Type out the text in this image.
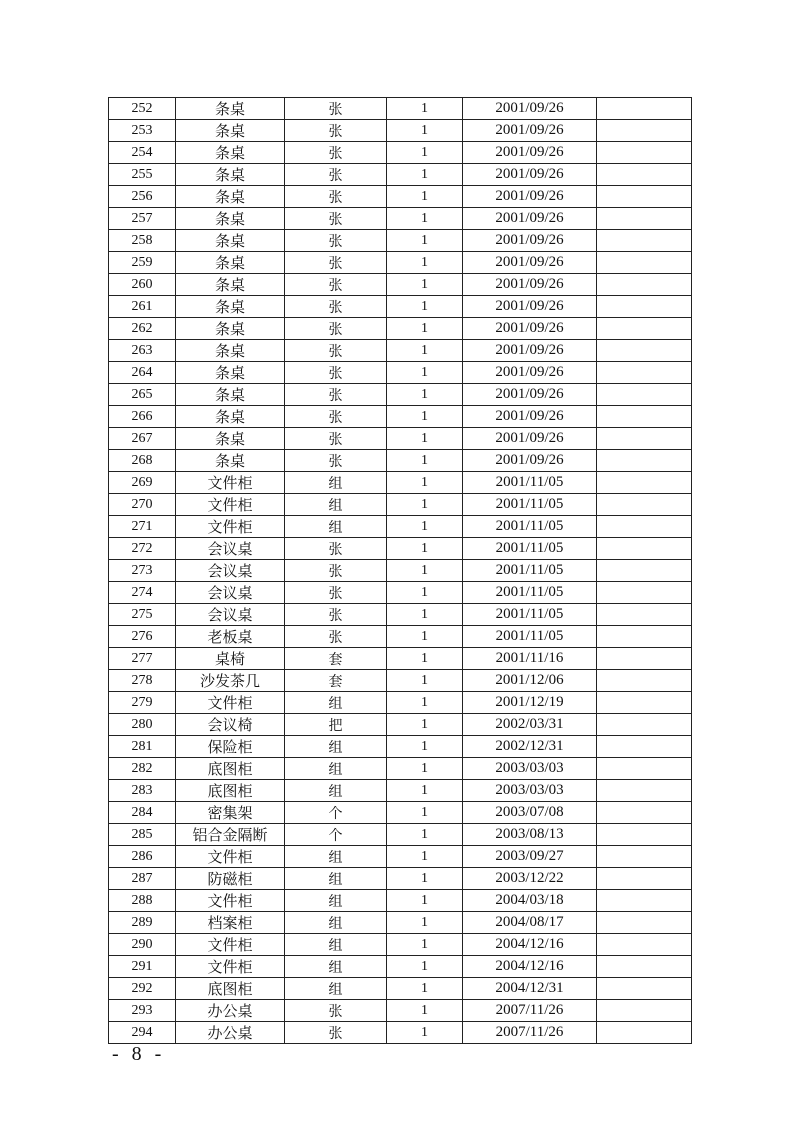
252	条桌	张	1	2001/09/26	
253	条桌	张	1	2001/09/26	
254	条桌	张	1	2001/09/26	
255	条桌	张	1	2001/09/26	
256	条桌	张	1	2001/09/26	
257	条桌	张	1	2001/09/26	
258	条桌	张	1	2001/09/26	
259	条桌	张	1	2001/09/26	
260	条桌	张	1	2001/09/26	
261	条桌	张	1	2001/09/26	
262	条桌	张	1	2001/09/26	
263	条桌	张	1	2001/09/26	
264	条桌	张	1	2001/09/26	
265	条桌	张	1	2001/09/26	
266	条桌	张	1	2001/09/26	
267	条桌	张	1	2001/09/26	
268	条桌	张	1	2001/09/26	
269	文件柜	组	1	2001/11/05	
270	文件柜	组	1	2001/11/05	
271	文件柜	组	1	2001/11/05	
272	会议桌	张	1	2001/11/05	
273	会议桌	张	1	2001/11/05	
274	会议桌	张	1	2001/11/05	
275	会议桌	张	1	2001/11/05	
276	老板桌	张	1	2001/11/05	
277	桌椅	套	1	2001/11/16	
278	沙发茶几	套	1	2001/12/06	
279	文件柜	组	1	2001/12/19	
280	会议椅	把	1	2002/03/31	
281	保险柜	组	1	2002/12/31	
282	底图柜	组	1	2003/03/03	
283	底图柜	组	1	2003/03/03	
284	密集架	个	1	2003/07/08	
285	铝合金隔断	个	1	2003/08/13	
286	文件柜	组	1	2003/09/27	
287	防磁柜	组	1	2003/12/22	
288	文件柜	组	1	2004/03/18	
289	档案柜	组	1	2004/08/17	
290	文件柜	组	1	2004/12/16	
291	文件柜	组	1	2004/12/16	
292	底图柜	组	1	2004/12/31	
293	办公桌	张	1	2007/11/26	
294	办公桌	张	1	2007/11/26	
- 8 -
